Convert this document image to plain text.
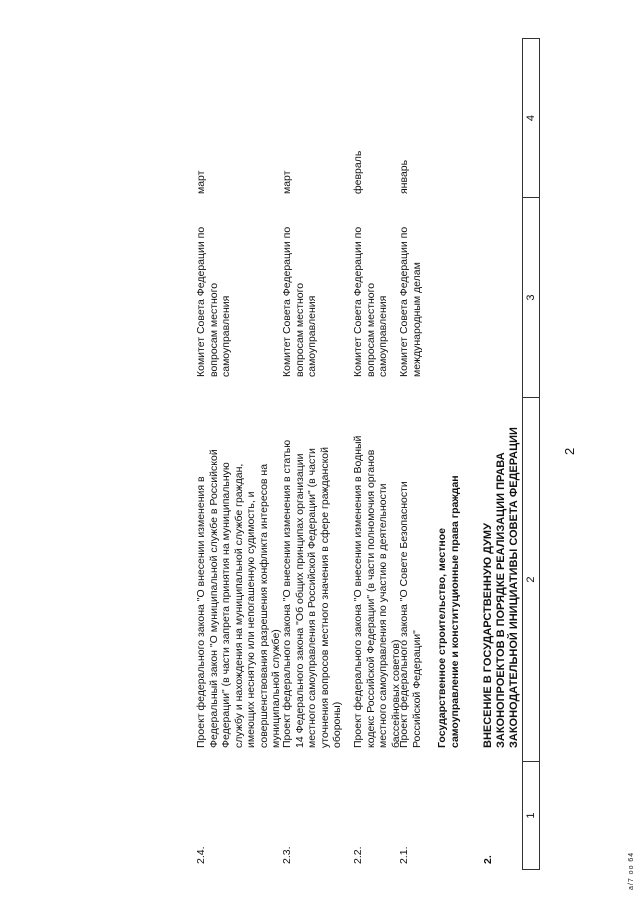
2
1
2
3
4
2.
ВНЕСЕНИЕ В ГОСУДАРСТВЕННУЮ ДУМУ ЗАКОНОПРОЕКТОВ В ПОРЯДКЕ РЕАЛИЗАЦИИ ПРАВА ЗАКОНОДАТЕЛЬНОЙ ИНИЦИАТИВЫ СОВЕТА ФЕДЕРАЦИИ
Государственное строительство, местное самоуправление и конституционные права граждан
2.1.
Проект федерального закона "О Совете Безопасности Российской Федерации"
Комитет Совета Федерации по международным делам
январь
2.2.
Проект федерального закона "О внесении изменения в Водный кодекс Российской Федерации" (в части полномочия органов местного самоуправления по участию в деятельности бассейновых советов)
Комитет Совета Федерации по вопросам местного самоуправления
февраль
2.3.
Проект федерального закона "О внесении изменения в статью 14 Федерального закона "Об общих принципах организации местного самоуправления в Российской Федерации" (в части уточнения вопросов местного значения в сфере гражданской обороны)
Комитет Совета Федерации по вопросам местного самоуправления
март
2.4.
Проект федерального закона "О внесении изменения в Федеральный закон "О муниципальной службе в Российской Федерации" (в части запрета принятия на муниципальную службу и нахождения на муниципальной службе граждан, имеющих неснятую или непогашенную судимость, и совершенствования разрешения конфликта интересов на муниципальной службе)
Комитет Совета Федерации по вопросам местного самоуправления
март
a/7 oo 64
